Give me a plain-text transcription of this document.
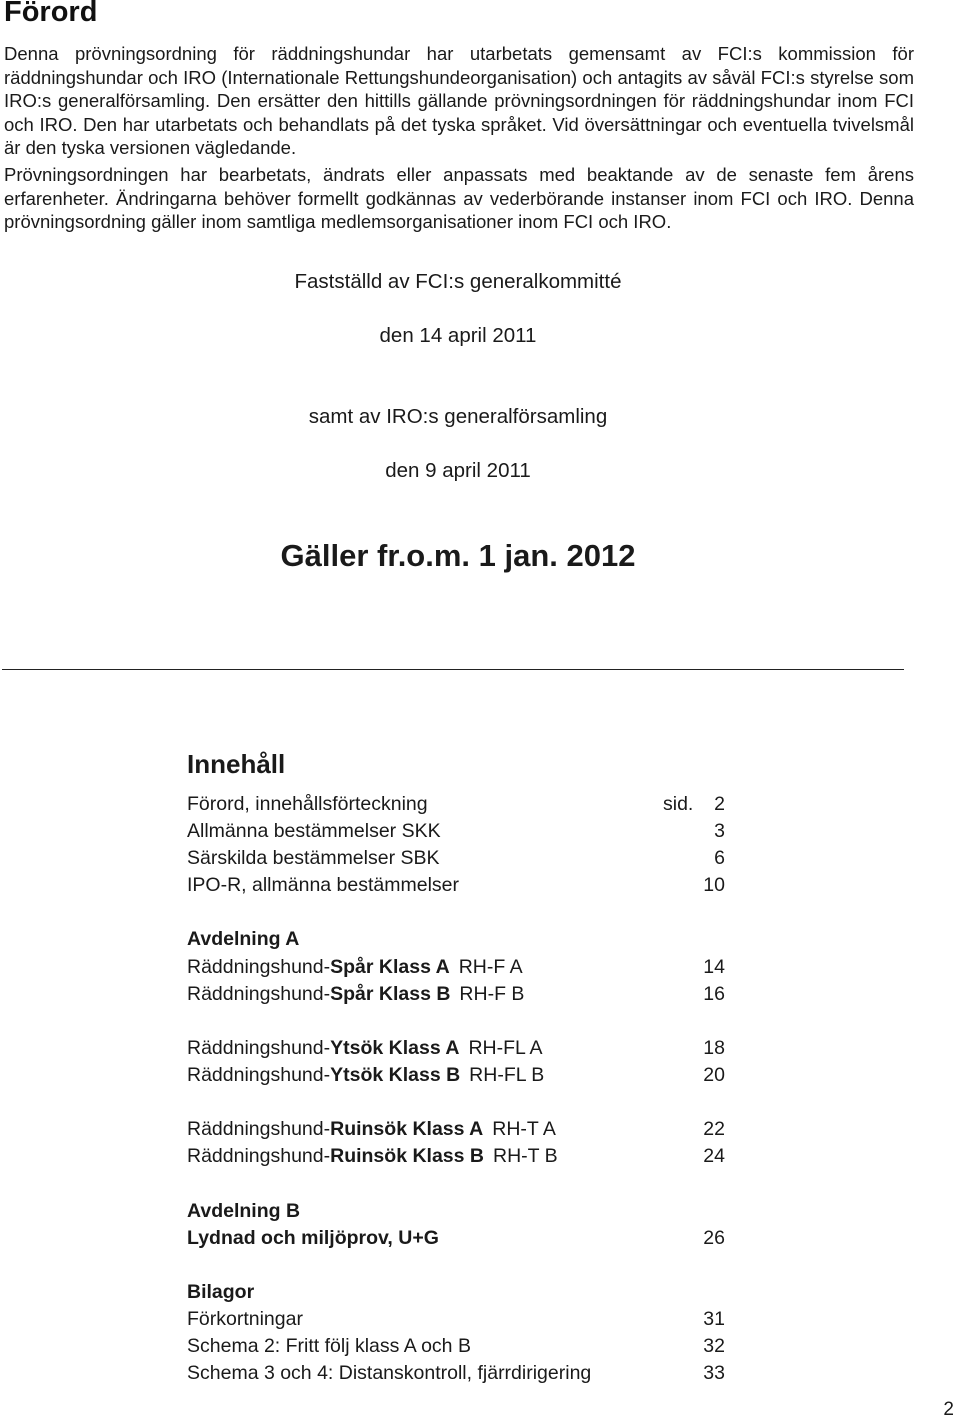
Förord

Denna prövningsordning för räddningshundar har utarbetats gemensamt av FCI:s kommission för räddningshundar och IRO (Internationale Rettungshundeorganisation) och antagits av såväl FCI:s styrelse som IRO:s generalförsamling. Den ersätter den hittills gällande prövningsordningen för räddningshundar inom FCI och IRO. Den har utarbetats och behandlats på det tyska språket. Vid översättningar och eventuella tvivelsmål är den tyska versionen vägledande.

Prövningsordningen har bearbetats, ändrats eller anpassats med beaktande av de senaste fem årens erfarenheter. Ändringarna behöver formellt godkännas av vederbörande instanser inom FCI och IRO. Denna prövningsordning gäller inom samtliga medlemsorganisationer inom FCI och IRO.

Fastställd av FCI:s generalkommitté

den 14 april 2011

samt av IRO:s generalförsamling

den 9 april 2011

Gäller fr.o.m. 1 jan. 2012

Innehåll
Förord, innehållsförteckning	sid. 2
Allmänna bestämmelser SKK	3
Särskilda bestämmelser SBK	6
IPO-R, allmänna bestämmelser	10
Avdelning A
Räddningshund-Spår Klass A RH-F A	14
Räddningshund-Spår Klass B RH-F B	16
Räddningshund-Ytsök Klass A RH-FL A	18
Räddningshund-Ytsök Klass B RH-FL B	20
Räddningshund-Ruinsök Klass A RH-T A	22
Räddningshund-Ruinsök Klass B RH-T B	24
Avdelning B
Lydnad och miljöprov, U+G	26
Bilagor
Förkortningar	31
Schema 2: Fritt följ klass A och B	32
Schema 3 och 4: Distanskontroll, fjärrdirigering	33
2
